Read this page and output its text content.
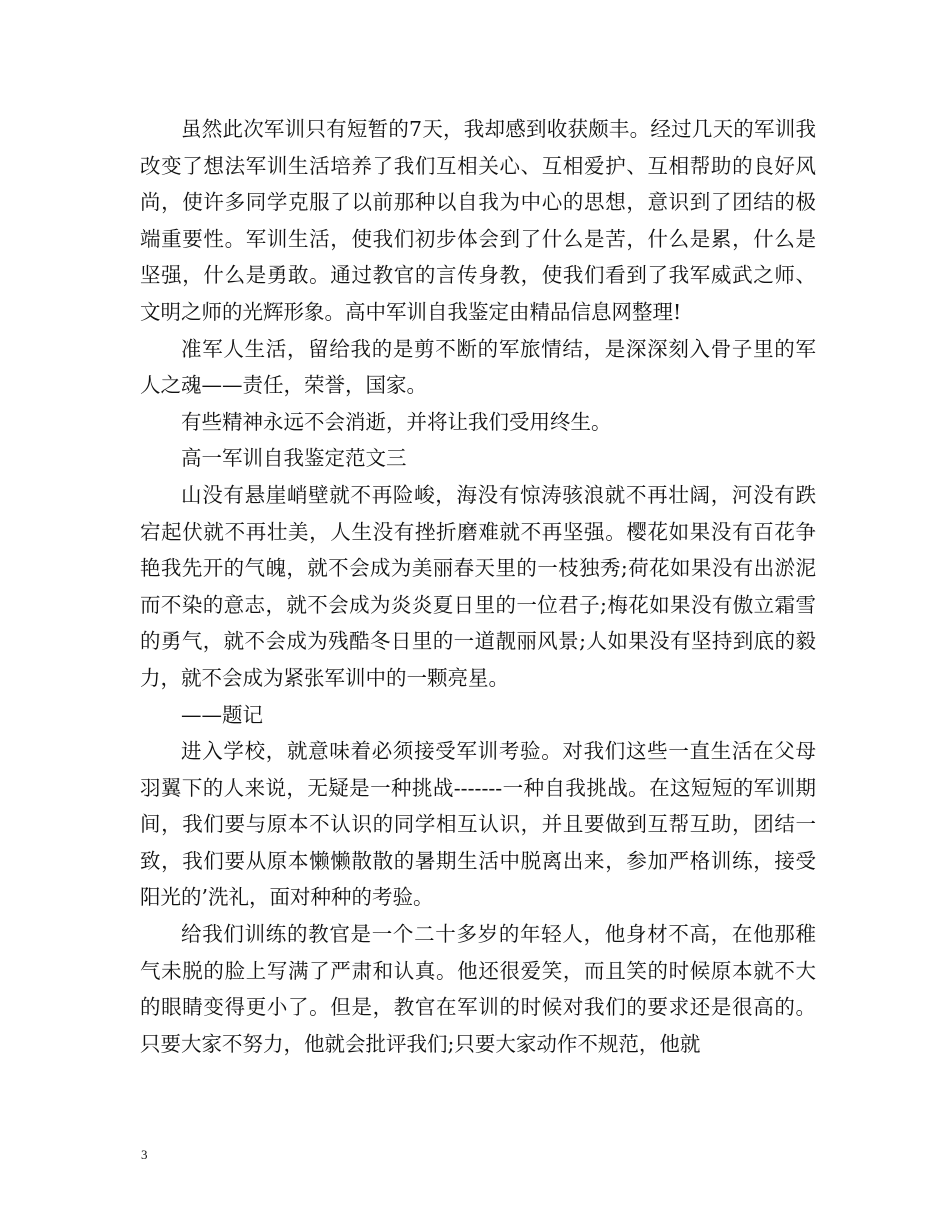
虽然此次军训只有短暂的7天，我却感到收获颇丰。经过几天的军训我改变了想法军训生活培养了我们互相关心、互相爱护、互相帮助的良好风尚，使许多同学克服了以前那种以自我为中心的思想，意识到了团结的极端重要性。军训生活，使我们初步体会到了什么是苦，什么是累，什么是坚强，什么是勇敢。通过教官的言传身教，使我们看到了我军威武之师、文明之师的光辉形象。高中军训自我鉴定由精品信息网整理!

准军人生活，留给我的是剪不断的军旅情结，是深深刻入骨子里的军人之魂——责任，荣誉，国家。

有些精神永远不会消逝，并将让我们受用终生。

高一军训自我鉴定范文三

山没有悬崖峭壁就不再险峻，海没有惊涛骇浪就不再壮阔，河没有跌宕起伏就不再壮美，人生没有挫折磨难就不再坚强。樱花如果没有百花争艳我先开的气魄，就不会成为美丽春天里的一枝独秀;荷花如果没有出淤泥而不染的意志，就不会成为炎炎夏日里的一位君子;梅花如果没有傲立霜雪的勇气，就不会成为残酷冬日里的一道靓丽风景;人如果没有坚持到底的毅力，就不会成为紧张军训中的一颗亮星。

——题记

进入学校，就意味着必须接受军训考验。对我们这些一直生活在父母羽翼下的人来说，无疑是一种挑战-------一种自我挑战。在这短短的军训期间，我们要与原本不认识的同学相互认识，并且要做到互帮互助，团结一致，我们要从原本懒懒散散的暑期生活中脱离出来，参加严格训练，接受阳光的’洗礼，面对种种的考验。

给我们训练的教官是一个二十多岁的年轻人，他身材不高，在他那稚气未脱的脸上写满了严肃和认真。他还很爱笑，而且笑的时候原本就不大的眼睛变得更小了。但是，教官在军训的时候对我们的要求还是很高的。只要大家不努力，他就会批评我们;只要大家动作不规范，他就

3
